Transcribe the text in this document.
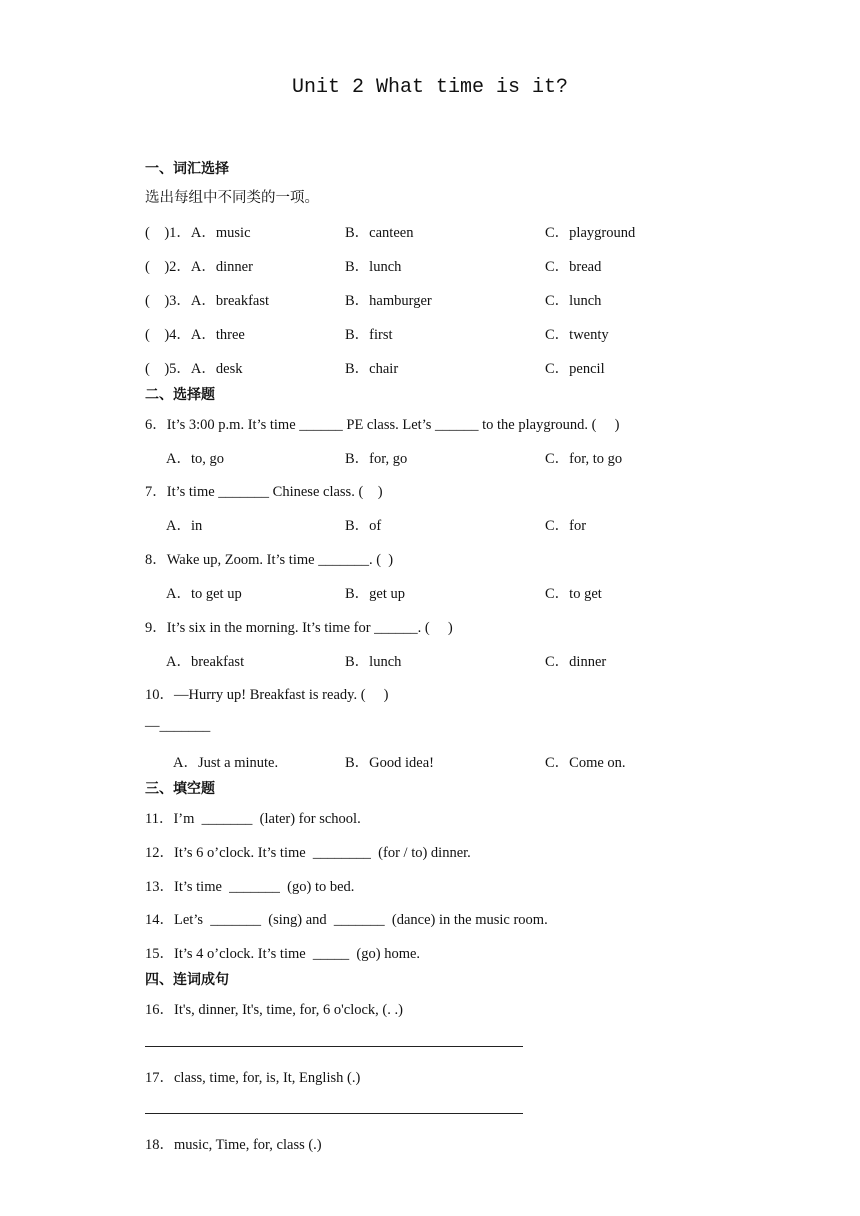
Unit 2 What time is it?
一、词汇选择
选出每组中不同类的一项。
(    )1．A．music	B．canteen	C．playground
(    )2．A．dinner	B．lunch	C．bread
(    )3．A．breakfast	B．hamburger	C．lunch
(    )4．A．three	B．first	C．twenty
(    )5．A．desk	B．chair	C．pencil
二、选择题
6．It’s 3:00 p.m. It’s time ______ PE class. Let’s ______ to the playground. (     )
A．to, go	B．for, go	C．for, to go
7．It’s time _______ Chinese class. (    )
A．in	B．of	C．for
8．Wake up, Zoom. It’s time _______. (  )
A．to get up	B．get up	C．to get
9．It’s six in the morning. It’s time for ______. (     )
A．breakfast	B．lunch	C．dinner
10．—Hurry up! Breakfast is ready. (     )
—_______
A．Just a minute.	B．Good idea!	C．Come on.
三、填空题
11．I’m  _______  (later) for school.
12．It’s 6 o’clock. It’s time  ________  (for / to) dinner.
13．It’s time  _______  (go) to bed.
14．Let’s  _______  (sing) and  _______  (dance) in the music room.
15．It’s 4 o’clock. It’s time  _____  (go) home.
四、连词成句
16．It's, dinner, It's, time, for, 6 o'clock, (. .)
17．class, time, for, is, It, English (.)
18．music, Time, for, class (.)
